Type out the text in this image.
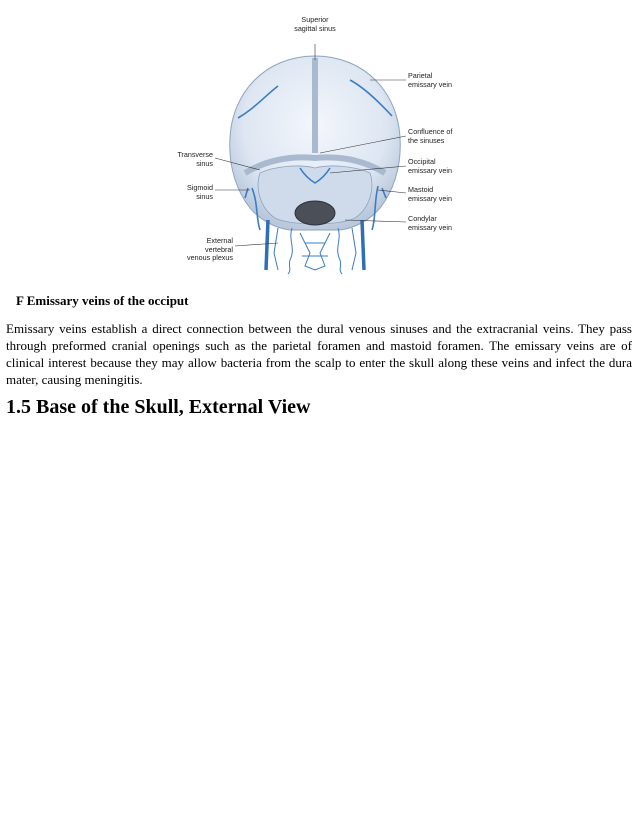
Superior
sagittal sinus
Parietal
emissary vein
Confluence of
the sinuses
Transverse
sinus	Occipital
emissary vein
Sigmoid
sinus
Mastoid
emissary vein
Condylar
emissary vein
External
vertebral
venous plexus
F Emissary veins of the occiput

Emissary veins establish a direct connection between the dural venous sinuses and the extracranial veins. They pass through preformed cranial openings such as the parietal foramen and mastoid foramen. The emissary veins are of clinical interest because they may allow bacteria from the scalp to enter the skull along these veins and infect the dura mater, causing meningitis.

1.5 Base of the Skull, External View
